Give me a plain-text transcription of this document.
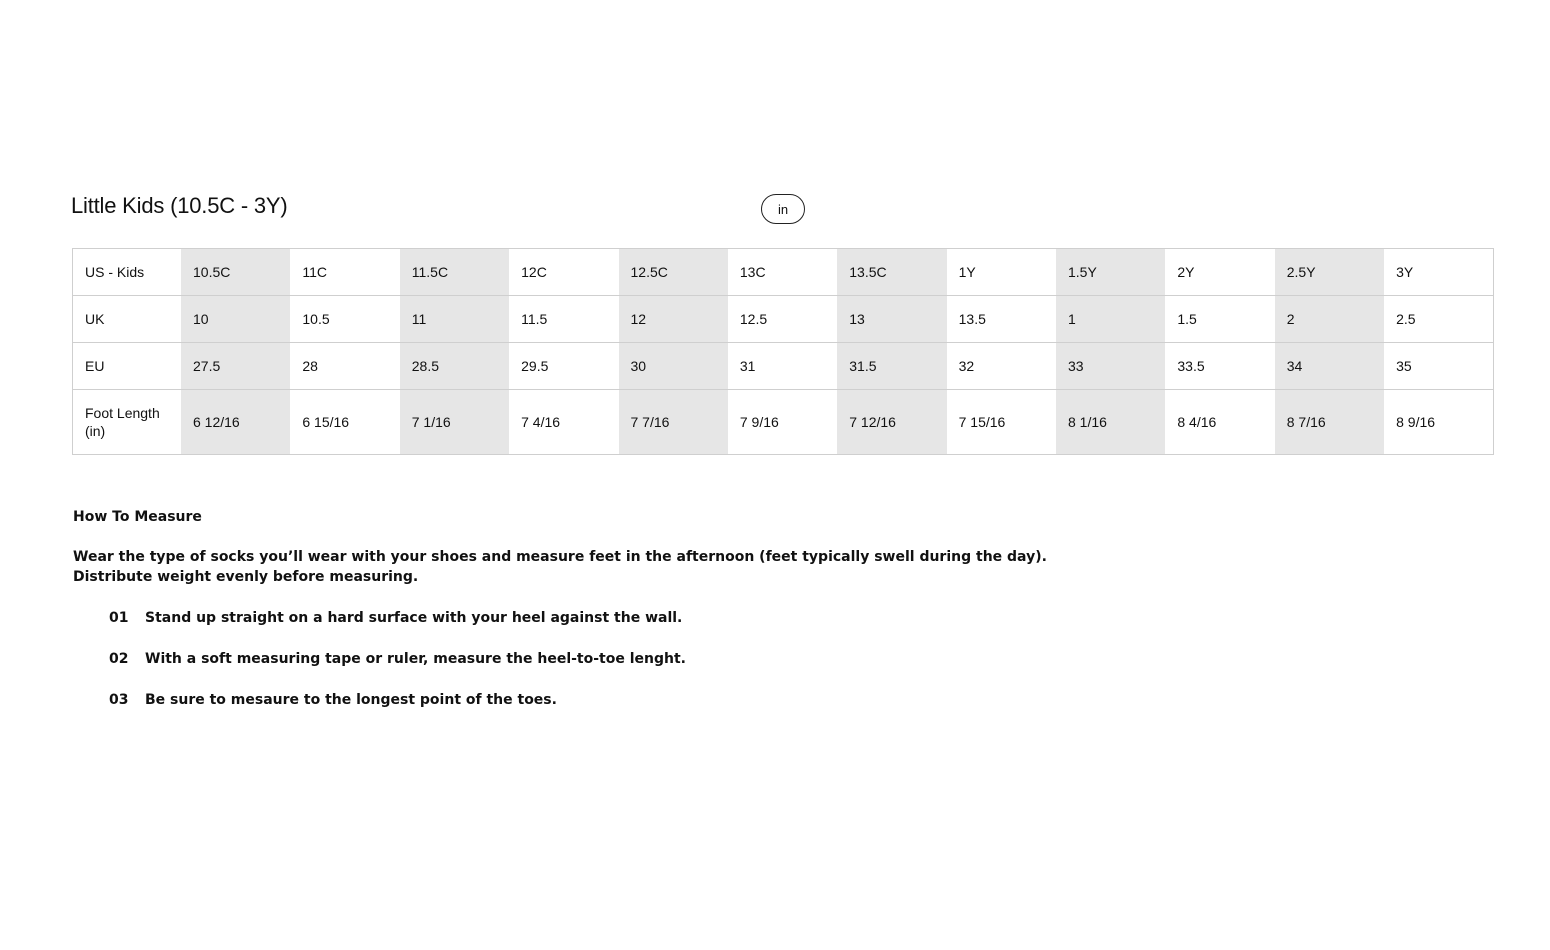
Little Kids (10.5C - 3Y)	in
US - Kids	10.5C	11C	11.5C	12C	12.5C	13C	13.5C	1Y	1.5Y	2Y	2.5Y	3Y
UK	10	10.5	11	11.5	12	12.5	13	13.5	1	1.5	2	2.5
EU	27.5	28	28.5	29.5	30	31	31.5	32	33	33.5	34	35
Foot Length (in)	6 12/16	6 15/16	7 1/16	7 4/16	7 7/16	7 9/16	7 12/16	7 15/16	8 1/16	8 4/16	8 7/16	8 9/16

How To Measure

Wear the type of socks you’ll wear with your shoes and measure feet in the afternoon (feet typically swell during the day).
Distribute weight evenly before measuring.

01	Stand up straight on a hard surface with your heel against the wall.
02	With a soft measuring tape or ruler, measure the heel-to-toe lenght.
03	Be sure to mesaure to the longest point of the toes.
